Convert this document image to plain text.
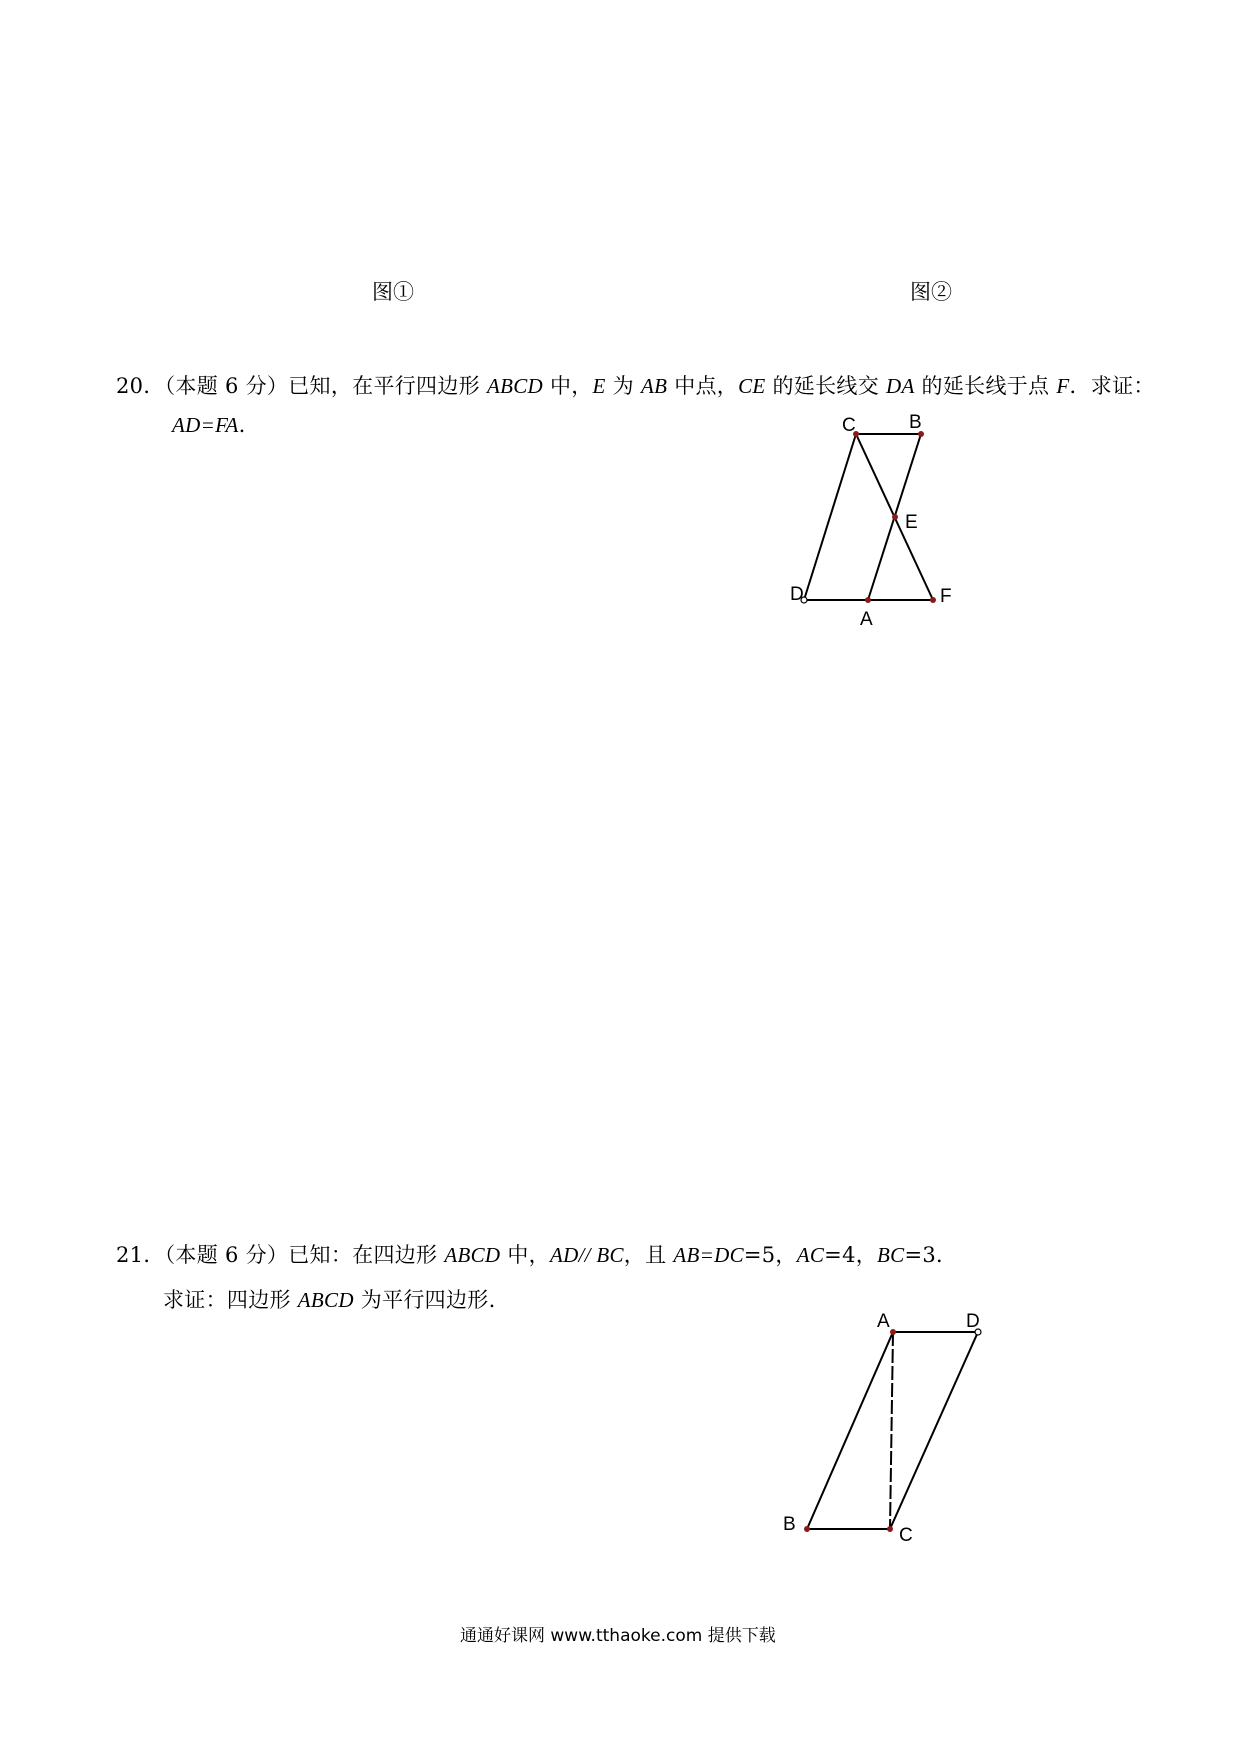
图①	图②
20．（本题 6 分）已知，在平行四边形 ABCD 中，E 为 AB 中点，CE 的延长线交 DA 的延长线于点 F．求证：
AD=FA.	C	B
E
D
A
F
21．（本题 6 分）已知：在四边形 ABCD 中，AD// BC，且 AB=DC=5，AC=4，BC=3．
求证：四边形 ABCD 为平行四边形.
A	D
B
C
通通好课网 www.tthaoke.com 提供下载
